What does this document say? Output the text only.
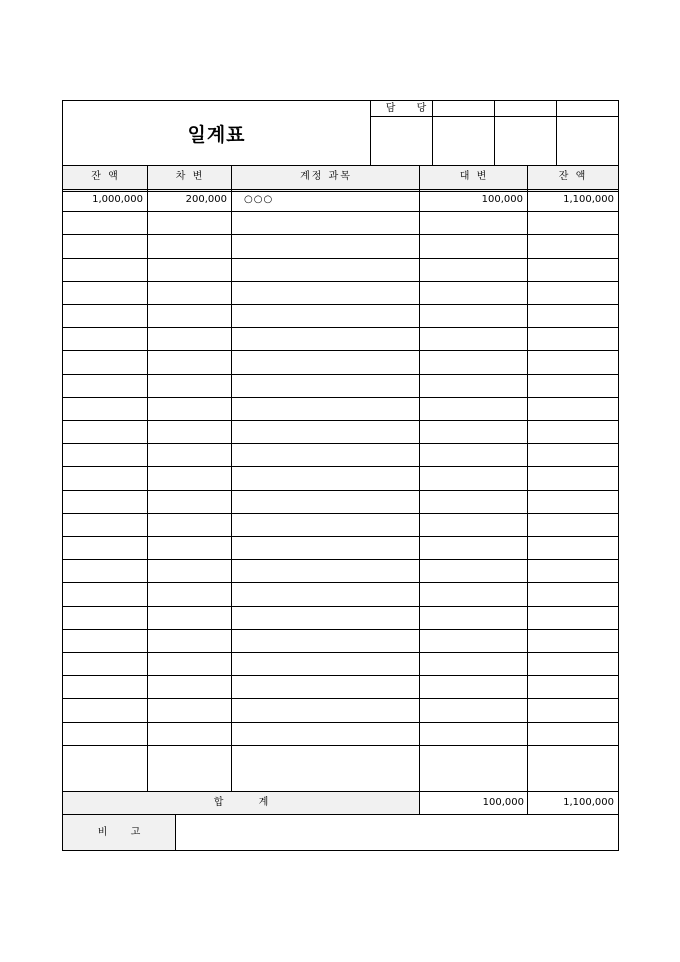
일계표
담 당
잔 액	차 변	계정 과목	대 변	잔 액
1,000,000	200,000	○○○	100,000	1,100,000
합 계	100,000	1,100,000
비 고
